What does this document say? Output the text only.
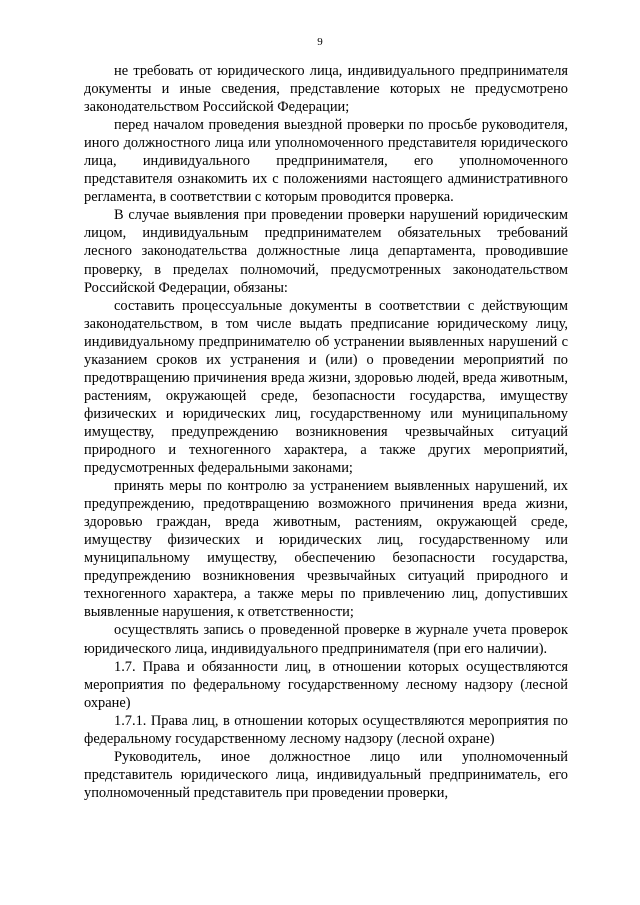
9

не требовать от юридического лица, индивидуального предпринимателя документы и иные сведения, представление которых не предусмотрено законодательством Российской Федерации;

перед началом проведения выездной проверки по просьбе руководителя, иного должностного лица или уполномоченного представителя юридического лица, индивидуального предпринимателя, его уполномоченного представителя ознакомить их с положениями настоящего административного регламента, в соответствии с которым проводится проверка.

В случае выявления при проведении проверки нарушений юридическим лицом, индивидуальным предпринимателем обязательных требований лесного законодательства должностные лица департамента, проводившие проверку, в пределах полномочий, предусмотренных законодательством Российской Федерации, обязаны:

составить процессуальные документы в соответствии с действующим законодательством, в том числе выдать предписание юридическому лицу, индивидуальному предпринимателю об устранении выявленных нарушений с указанием сроков их устранения и (или) о проведении мероприятий по предотвращению причинения вреда жизни, здоровью людей, вреда животным, растениям, окружающей среде, безопасности государства, имуществу физических и юридических лиц, государственному или муниципальному имуществу, предупреждению возникновения чрезвычайных ситуаций природного и техногенного характера, а также других мероприятий, предусмотренных федеральными законами;

принять меры по контролю за устранением выявленных нарушений, их предупреждению, предотвращению возможного причинения вреда жизни, здоровью граждан, вреда животным, растениям, окружающей среде, имуществу физических и юридических лиц, государственному или муниципальному имуществу, обеспечению безопасности государства, предупреждению возникновения чрезвычайных ситуаций природного и техногенного характера, а также меры по привлечению лиц, допустивших выявленные нарушения, к ответственности;

осуществлять запись о проведенной проверке в журнале учета проверок юридического лица, индивидуального предпринимателя (при его наличии).

1.7. Права и обязанности лиц, в отношении которых осуществляются мероприятия по федеральному государственному лесному надзору (лесной охране)

1.7.1. Права лиц, в отношении которых осуществляются мероприятия по федеральному государственному лесному надзору (лесной охране)

Руководитель, иное должностное лицо или уполномоченный представитель юридического лица, индивидуальный предприниматель, его уполномоченный представитель при проведении проверки,
